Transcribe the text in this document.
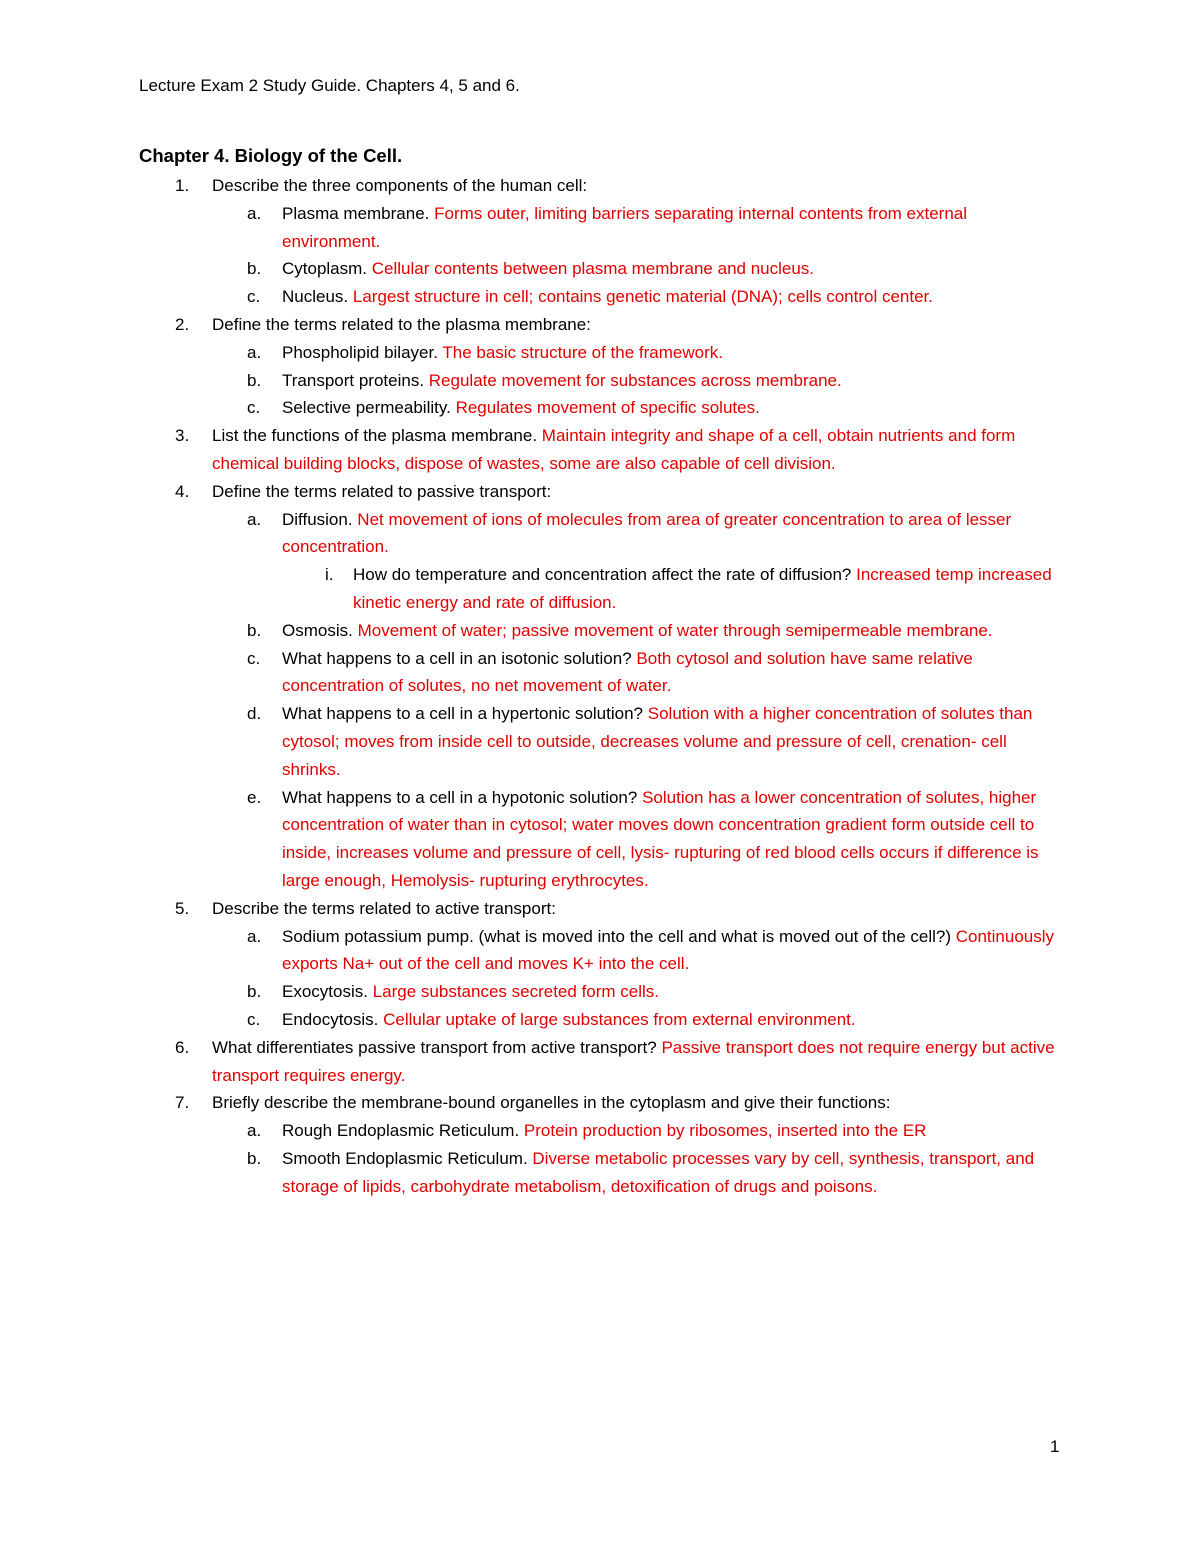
Lecture Exam 2 Study Guide. Chapters 4, 5 and 6.
Chapter 4. Biology of the Cell.
1. Describe the three components of the human cell:
a. Plasma membrane. Forms outer, limiting barriers separating internal contents from external environment.
b. Cytoplasm. Cellular contents between plasma membrane and nucleus.
c. Nucleus. Largest structure in cell; contains genetic material (DNA); cells control center.
2. Define the terms related to the plasma membrane:
a. Phospholipid bilayer. The basic structure of the framework.
b. Transport proteins. Regulate movement for substances across membrane.
c. Selective permeability. Regulates movement of specific solutes.
3. List the functions of the plasma membrane. Maintain integrity and shape of a cell, obtain nutrients and form chemical building blocks, dispose of wastes, some are also capable of cell division.
4. Define the terms related to passive transport:
a. Diffusion. Net movement of ions of molecules from area of greater concentration to area of lesser concentration.
i. How do temperature and concentration affect the rate of diffusion? Increased temp increased kinetic energy and rate of diffusion.
b. Osmosis. Movement of water; passive movement of water through semipermeable membrane.
c. What happens to a cell in an isotonic solution? Both cytosol and solution have same relative concentration of solutes, no net movement of water.
d. What happens to a cell in a hypertonic solution? Solution with a higher concentration of solutes than cytosol; moves from inside cell to outside, decreases volume and pressure of cell, crenation- cell shrinks.
e. What happens to a cell in a hypotonic solution? Solution has a lower concentration of solutes, higher concentration of water than in cytosol; water moves down concentration gradient form outside cell to inside, increases volume and pressure of cell, lysis- rupturing of red blood cells occurs if difference is large enough, Hemolysis- rupturing erythrocytes.
5. Describe the terms related to active transport:
a. Sodium potassium pump. (what is moved into the cell and what is moved out of the cell?) Continuously exports Na+ out of the cell and moves K+ into the cell.
b. Exocytosis. Large substances secreted form cells.
c. Endocytosis. Cellular uptake of large substances from external environment.
6. What differentiates passive transport from active transport? Passive transport does not require energy but active transport requires energy.
7. Briefly describe the membrane-bound organelles in the cytoplasm and give their functions:
a. Rough Endoplasmic Reticulum. Protein production by ribosomes, inserted into the ER
b. Smooth Endoplasmic Reticulum. Diverse metabolic processes vary by cell, synthesis, transport, and storage of lipids, carbohydrate metabolism, detoxification of drugs and poisons.
1
